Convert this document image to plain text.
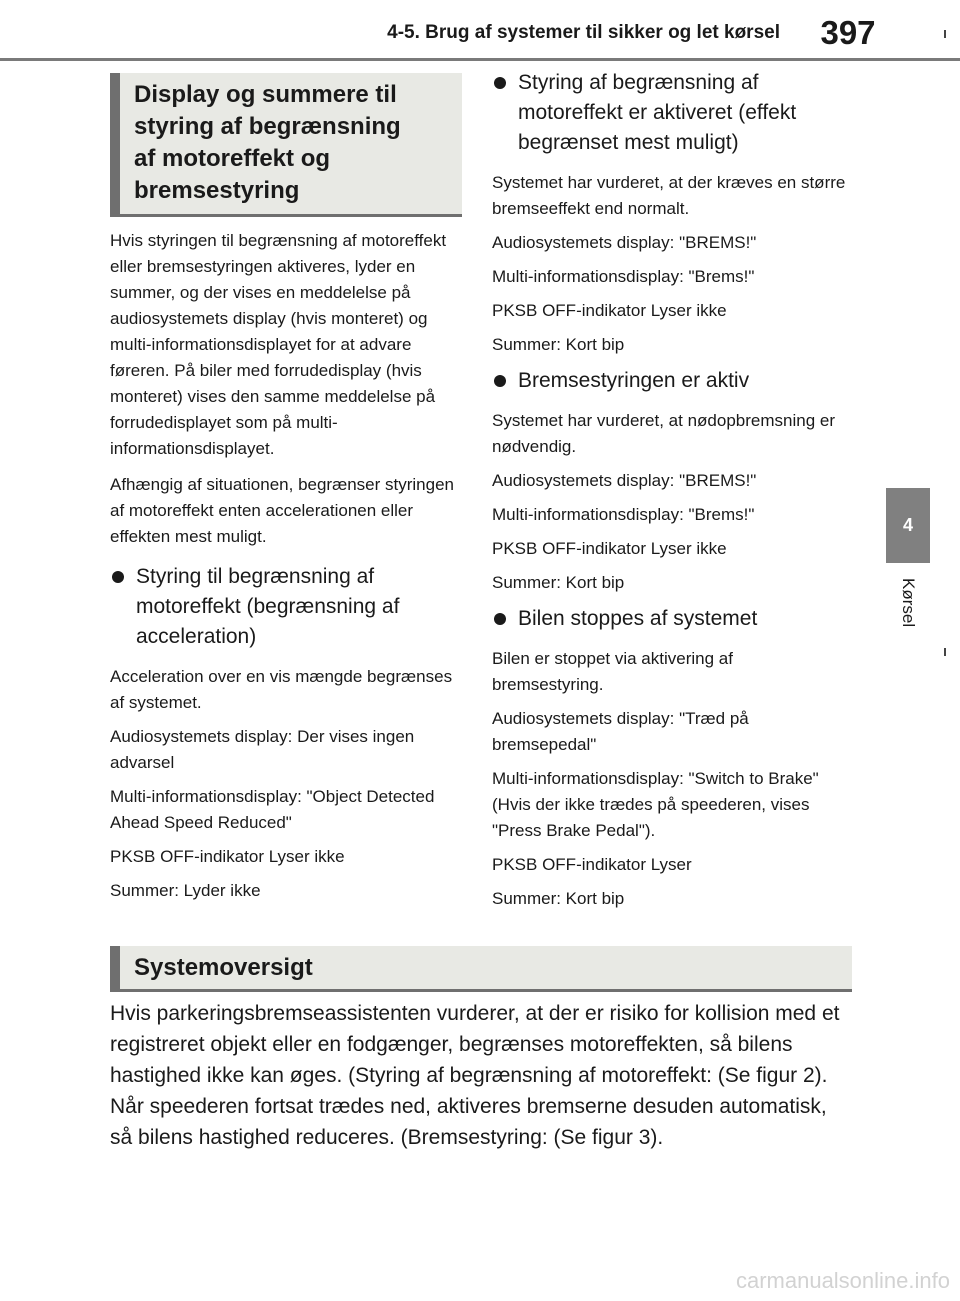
4-5. Brug af systemer til sikker og let kørsel	397
4
Kørsel
Display og summere til
styring af begrænsning
af motoreffekt og
bremsestyring

Hvis styringen til begrænsning af motoreffekt eller bremsestyringen aktiveres, lyder en summer, og der vises en meddelelse på audiosystemets display (hvis monteret) og multi-informationsdisplayet for at advare føreren. På biler med forrudedisplay (hvis monteret) vises den samme meddelelse på forrudedisplayet som på multi-informationsdisplayet.

Afhængig af situationen, begrænser styringen af motoreffekt enten accelerationen eller effekten mest muligt.

Styring til begrænsning af motoreffekt (begrænsning af acceleration)

Acceleration over en vis mængde begrænses af systemet.

Audiosystemets display: Der vises ingen advarsel

Multi-informationsdisplay: "Object Detected Ahead Speed Reduced"

PKSB OFF-indikator Lyser ikke

Summer: Lyder ikke

Styring af begrænsning af motoreffekt er aktiveret (effekt begrænset mest muligt)

Systemet har vurderet, at der kræves en større bremseeffekt end normalt.

Audiosystemets display: "BREMS!"

Multi-informationsdisplay: "Brems!"

PKSB OFF-indikator Lyser ikke

Summer: Kort bip

Bremsestyringen er aktiv

Systemet har vurderet, at nødopbremsning er nødvendig.

Audiosystemets display: "BREMS!"

Multi-informationsdisplay: "Brems!"

PKSB OFF-indikator Lyser ikke

Summer: Kort bip

Bilen stoppes af systemet

Bilen er stoppet via aktivering af bremsestyring.

Audiosystemets display: "Træd på bremsepedal"

Multi-informationsdisplay: "Switch to Brake" (Hvis der ikke trædes på speederen, vises "Press Brake Pedal").

PKSB OFF-indikator Lyser

Summer: Kort bip

Systemoversigt

Hvis parkeringsbremseassistenten vurderer, at der er risiko for kollision med et registreret objekt eller en fodgænger, begrænses motoreffekten, så bilens hastighed ikke kan øges. (Styring af begrænsning af motoreffekt: (Se figur 2).

Når speederen fortsat trædes ned, aktiveres bremserne desuden automatisk, så bilens hastighed reduceres. (Bremsestyring: (Se figur 3).

carmanualsonline.info
